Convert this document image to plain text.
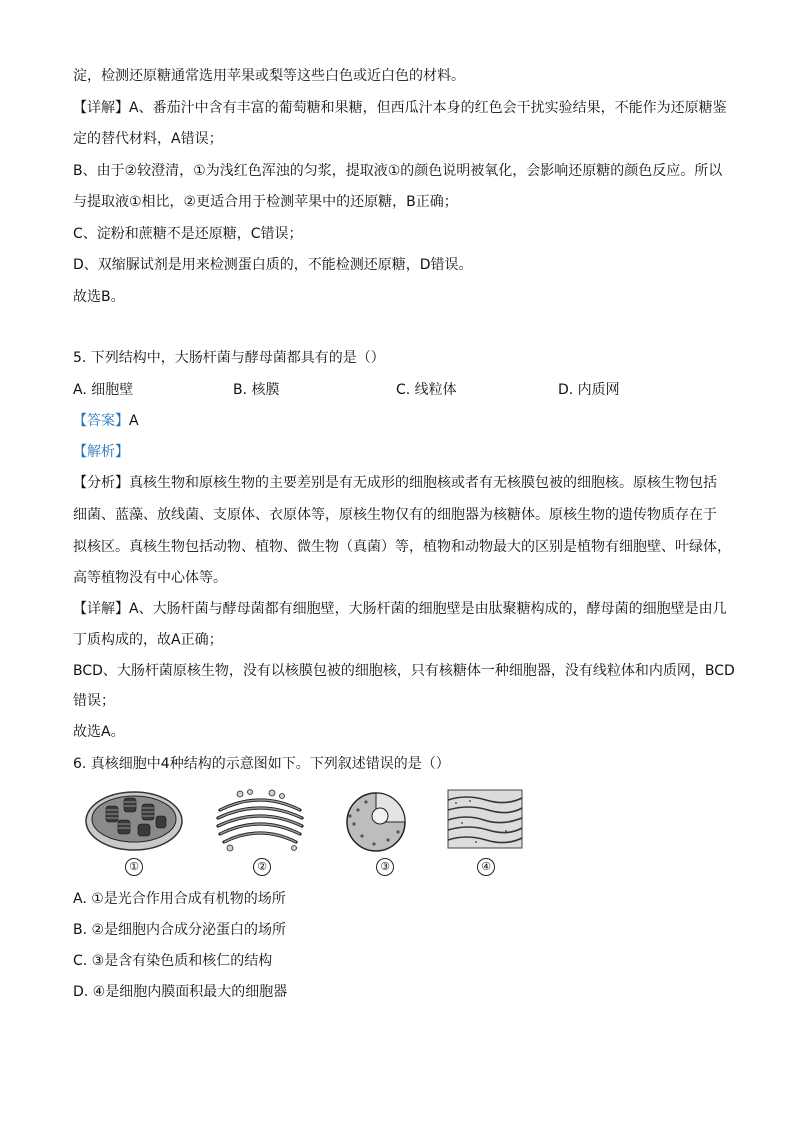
淀，检测还原糖通常选用苹果或梨等这些白色或近白色的材料。
【详解】A、番茄汁中含有丰富的葡萄糖和果糖，但西瓜汁本身的红色会干扰实验结果，不能作为还原糖鉴
定的替代材料，A错误；
B、由于②较澄清，①为浅红色浑浊的匀浆，提取液①的颜色说明被氧化，会影响还原糖的颜色反应。所以
与提取液①相比，②更适合用于检测苹果中的还原糖，B正确；
C、淀粉和蔗糖不是还原糖，C错误；
D、双缩脲试剂是用来检测蛋白质的，不能检测还原糖，D错误。
故选B。
5. 下列结构中，大肠杆菌与酵母菌都具有的是（）
A. 细胞壁	B. 核膜	C. 线粒体	D. 内质网
【答案】A
【解析】
【分析】真核生物和原核生物的主要差别是有无成形的细胞核或者有无核膜包被的细胞核。原核生物包括
细菌、蓝藻、放线菌、支原体、衣原体等，原核生物仅有的细胞器为核糖体。原核生物的遗传物质存在于
拟核区。真核生物包括动物、植物、微生物（真菌）等，植物和动物最大的区别是植物有细胞壁、叶绿体，
高等植物没有中心体等。
【详解】A、大肠杆菌与酵母菌都有细胞壁，大肠杆菌的细胞壁是由肽聚糖构成的，酵母菌的细胞壁是由几
丁质构成的，故A正确；
BCD、大肠杆菌原核生物，没有以核膜包被的细胞核，只有核糖体一种细胞器，没有线粒体和内质网，BCD
错误；
故选A。
6. 真核细胞中4种结构的示意图如下。下列叙述错误的是（）
①	②	③	④
A. ①是光合作用合成有机物的场所
B. ②是细胞内合成分泌蛋白的场所
C. ③是含有染色质和核仁的结构
D. ④是细胞内膜面积最大的细胞器
